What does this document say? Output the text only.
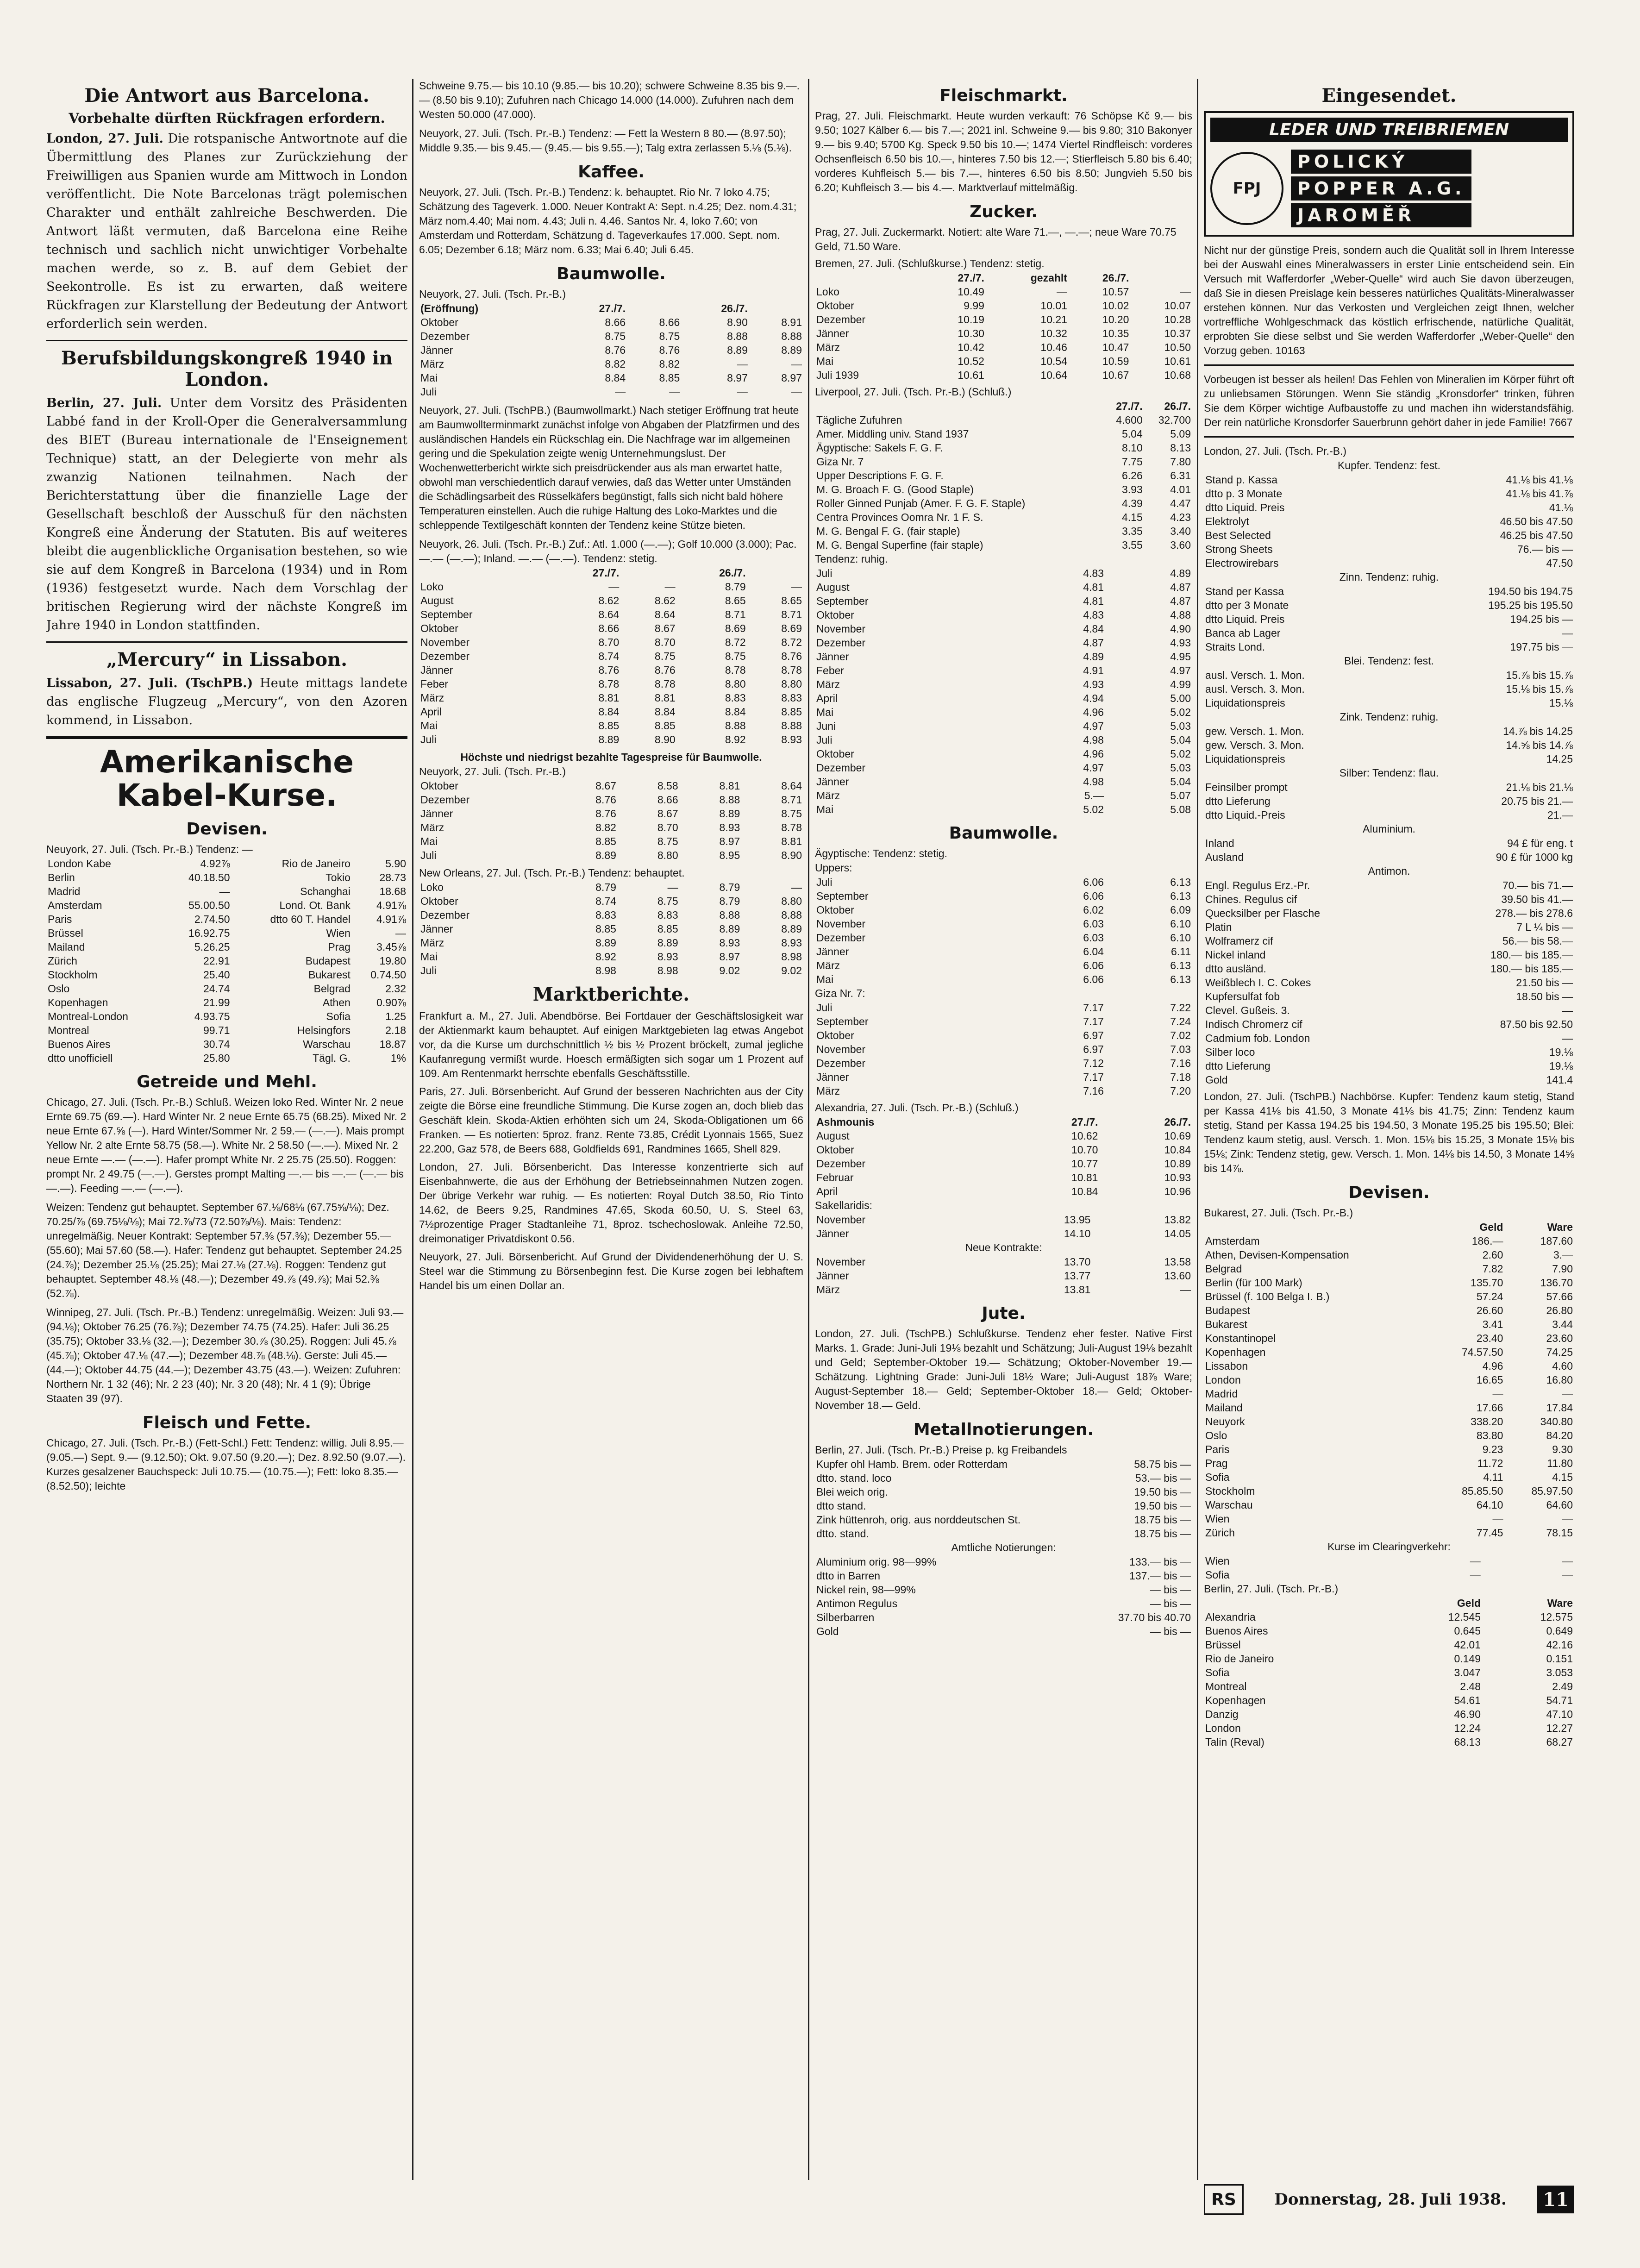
Die Antwort aus Barcelona.
Vorbehalte dürften Rückfragen erfordern.

London, 27. Juli. Die rotspanische Antwortnote auf die Übermittlung des Planes zur Zurückziehung der Freiwilligen aus Spanien wurde am Mittwoch in London veröffentlicht. Die Note Barcelonas trägt polemischen Charakter und enthält zahlreiche Beschwerden. Die Antwort läßt vermuten, daß Barcelona eine Reihe technisch und sachlich nicht unwichtiger Vorbehalte machen werde, so z. B. auf dem Gebiet der Seekontrolle. Es ist zu erwarten, daß weitere Rückfragen zur Klarstellung der Bedeutung der Antwort erforderlich sein werden.

Berufsbildungskongreß 1940 in London.

Berlin, 27. Juli. Unter dem Vorsitz des Präsidenten Labbé fand in der Kroll-Oper die Generalversammlung des BIET (Bureau internationale de l'Enseignement Technique) statt, an der Delegierte von mehr als zwanzig Nationen teilnahmen. Nach der Berichterstattung über die finanzielle Lage der Gesellschaft beschloß der Ausschuß für den nächsten Kongreß eine Änderung der Statuten. Bis auf weiteres bleibt die augenblickliche Organisation bestehen, so wie sie auf dem Kongreß in Barcelona (1934) und in Rom (1936) festgesetzt wurde. Nach dem Vorschlag der britischen Regierung wird der nächste Kongreß im Jahre 1940 in London stattfinden.

„Mercury“ in Lissabon.

Lissabon, 27. Juli. (TschPB.) Heute mittags landete das englische Flugzeug „Mercury“, von den Azoren kommend, in Lissabon.

Amerikanische Kabel-Kurse.
Devisen.
Neuyork, 27. Juli. (Tsch. Pr.-B.) Tendenz: —
London Kabe	4.92⅞	Rio de Janeiro	5.90
Berlin	40.18.50	Tokio	28.73
Madrid	—	Schanghai	18.68
Amsterdam	55.00.50	Lond. Ot. Bank	4.91⅞
Paris	2.74.50	dtto 60 T. Handel	4.91⅞
Brüssel	16.92.75	Wien	—
Mailand	5.26.25	Prag	3.45⅞
Zürich	22.91	Budapest	19.80
Stockholm	25.40	Bukarest	0.74.50
Oslo	24.74	Belgrad	2.32
Kopenhagen	21.99	Athen	0.90⅞
Montreal-London	4.93.75	Sofia	1.25
Montreal	99.71	Helsingfors	2.18
Buenos Aires	30.74	Warschau	18.87
dtto unofficiell	25.80	Tägl. G.	1%
Getreide und Mehl.
Chicago, 27. Juli. (Tsch. Pr.-B.) Schluß. Weizen loko Red. Winter Nr. 2 neue Ernte 69.75 (69.—). Hard Winter Nr. 2 neue Ernte 65.75 (68.25). Mixed Nr. 2 neue Ernte 67.⅝ (—). Hard Winter/Sommer Nr. 2 59.— (—.—). Mais prompt Yellow Nr. 2 alte Ernte 58.75 (58.—). White Nr. 2 58.50 (—.—). Mixed Nr. 2 neue Ernte —.— (—.—). Hafer prompt White Nr. 2 25.75 (25.50). Roggen: prompt Nr. 2 49.75 (—.—). Gerstes prompt Malting —.— bis —.— (—.— bis —.—). Feeding —.— (—.—).
Weizen: Tendenz gut behauptet. September 67.⅛/68⅛ (67.75⅝/⅛); Dez. 70.25/⅞ (69.75⅛/⅛); Mai 72.⅞/73 (72.50⅞/⅛). Mais: Tendenz: unregelmäßig. Neuer Kontrakt: September 57.⅜ (57.⅜); Dezember 55.— (55.60); Mai 57.60 (58.—). Hafer: Tendenz gut behauptet. September 24.25 (24.⅞); Dezember 25.⅛ (25.25); Mai 27.⅛ (27.⅛). Roggen: Tendenz gut behauptet. September 48.⅛ (48.—); Dezember 49.⅞ (49.⅞); Mai 52.⅜ (52.⅞).
Winnipeg, 27. Juli. (Tsch. Pr.-B.) Tendenz: unregelmäßig. Weizen: Juli 93.— (94.⅛); Oktober 76.25 (76.⅞); Dezember 74.75 (74.25). Hafer: Juli 36.25 (35.75); Oktober 33.⅛ (32.—); Dezember 30.⅞ (30.25). Roggen: Juli 45.⅞ (45.⅞); Oktober 47.⅛ (47.—); Dezember 48.⅞ (48.⅛). Gerste: Juli 45.— (44.—); Oktober 44.75 (44.—); Dezember 43.75 (43.—). Weizen: Zufuhren: Northern Nr. 1 32 (46); Nr. 2 23 (40); Nr. 3 20 (48); Nr. 4 1 (9); Übrige Staaten 39 (97).
Fleisch und Fette.
Chicago, 27. Juli. (Tsch. Pr.-B.) (Fett-Schl.) Fett: Tendenz: willig. Juli 8.95.— (9.05.—) Sept. 9.— (9.12.50); Okt. 9.07.50 (9.20.—); Dez. 8.92.50 (9.07.—). Kurzes gesalzener Bauchspeck: Juli 10.75.— (10.75.—); Fett: loko 8.35.— (8.52.50); leichte
Schweine 9.75.— bis 10.10 (9.85.— bis 10.20); schwere Schweine 8.35 bis 9.—.— (8.50 bis 9.10); Zufuhren nach Chicago 14.000 (14.000). Zufuhren nach dem Westen 50.000 (47.000).
Neuyork, 27. Juli. (Tsch. Pr.-B.) Tendenz: — Fett la Western 8 80.— (8.97.50); Middle 9.35.— bis 9.45.— (9.45.— bis 9.55.—); Talg extra zerlassen 5.⅛ (5.⅛).
Kaffee.
Neuyork, 27. Juli. (Tsch. Pr.-B.) Tendenz: k. behauptet. Rio Nr. 7 loko 4.75; Schätzung des Tageverk. 1.000. Neuer Kontrakt A: Sept. n.4.25; Dez. nom.4.31; März nom.4.40; Mai nom. 4.43; Juli n. 4.46. Santos Nr. 4, loko 7.60; von Amsterdam und Rotterdam, Schätzung d. Tageverkaufes 17.000. Sept. nom. 6.05; Dezember 6.18; März nom. 6.33; Mai 6.40; Juli 6.45.
Baumwolle.
Neuyork, 27. Juli. (Tsch. Pr.-B.)
(Eröffnung)	27./7.		26./7.	
Oktober	8.66	8.66	8.90	8.91
Dezember	8.75	8.75	8.88	8.88
Jänner	8.76	8.76	8.89	8.89
März	8.82	8.82	—	—
Mai	8.84	8.85	8.97	8.97
Juli	—	—	—	—
Neuyork, 27. Juli. (TschPB.) (Baumwollmarkt.) Nach stetiger Eröffnung trat heute am Baumwollterminmarkt zunächst infolge von Abgaben der Platzfirmen und des ausländischen Handels ein Rückschlag ein. Die Nachfrage war im allgemeinen gering und die Spekulation zeigte wenig Unternehmungslust. Der Wochenwetterbericht wirkte sich preisdrückender aus als man erwartet hatte, obwohl man verschiedentlich darauf verwies, daß das Wetter unter Umständen die Schädlingsarbeit des Rüsselkäfers begünstigt, falls sich nicht bald höhere Temperaturen einstellen. Auch die ruhige Haltung des Loko-Marktes und die schleppende Textilgeschäft konnten der Tendenz keine Stütze bieten.
Neuyork, 26. Juli. (Tsch. Pr.-B.) Zuf.: Atl. 1.000 (—.—); Golf 10.000 (3.000); Pac. —.— (—.—); Inland. —.— (—.—). Tendenz: stetig.
	27./7.		26./7.	
Loko	—	—	8.79	—
August	8.62	8.62	8.65	8.65
September	8.64	8.64	8.71	8.71
Oktober	8.66	8.67	8.69	8.69
November	8.70	8.70	8.72	8.72
Dezember	8.74	8.75	8.75	8.76
Jänner	8.76	8.76	8.78	8.78
Feber	8.78	8.78	8.80	8.80
März	8.81	8.81	8.83	8.83
April	8.84	8.84	8.84	8.85
Mai	8.85	8.85	8.88	8.88
Juli	8.89	8.90	8.92	8.93
Höchste und niedrigst bezahlte Tagespreise für Baumwolle.
Neuyork, 27. Juli. (Tsch. Pr.-B.)
Oktober	8.67	8.58	8.81	8.64
Dezember	8.76	8.66	8.88	8.71
Jänner	8.76	8.67	8.89	8.75
März	8.82	8.70	8.93	8.78
Mai	8.85	8.75	8.97	8.81
Juli	8.89	8.80	8.95	8.90
New Orleans, 27. Jul. (Tsch. Pr.-B.) Tendenz: behauptet.
Loko	8.79	—	8.79	—
Oktober	8.74	8.75	8.79	8.80
Dezember	8.83	8.83	8.88	8.88
Jänner	8.85	8.85	8.89	8.89
März	8.89	8.89	8.93	8.93
Mai	8.92	8.93	8.97	8.98
Juli	8.98	8.98	9.02	9.02
Marktberichte.
Frankfurt a. M., 27. Juli. Abendbörse. Bei Fortdauer der Geschäftslosigkeit war der Aktienmarkt kaum behauptet. Auf einigen Marktgebieten lag etwas Angebot vor, da die Kurse um durchschnittlich ½ bis ½ Prozent bröckelt, zumal jegliche Kaufanregung vermißt wurde. Hoesch ermäßigten sich sogar um 1 Prozent auf 109. Am Rentenmarkt herrschte ebenfalls Geschäftsstille.
Paris, 27. Juli. Börsenbericht. Auf Grund der besseren Nachrichten aus der City zeigte die Börse eine freundliche Stimmung. Die Kurse zogen an, doch blieb das Geschäft klein. Skoda-Aktien erhöhten sich um 24, Skoda-Obligationen um 66 Franken. — Es notierten: 5proz. franz. Rente 73.85, Crédit Lyonnais 1565, Suez 22.200, Gaz 578, de Beers 688, Goldfields 691, Randmines 1665, Shell 829.
London, 27. Juli. Börsenbericht. Das Interesse konzentrierte sich auf Eisenbahnwerte, die aus der Erhöhung der Betriebseinnahmen Nutzen zogen. Der übrige Verkehr war ruhig. — Es notierten: Royal Dutch 38.50, Rio Tinto 14.62, de Beers 9.25, Randmines 47.65, Skoda 60.50, U. S. Steel 63, 7½prozentige Prager Stadtanleihe 71, 8proz. tschechoslowak. Anleihe 72.50, dreimonatiger Privatdiskont 0.56.
Neuyork, 27. Juli. Börsenbericht. Auf Grund der Dividendenerhöhung der U. S. Steel war die Stimmung zu Börsenbeginn fest. Die Kurse zogen bei lebhaftem Handel bis um einen Dollar an.
Fleischmarkt.
Prag, 27. Juli. Fleischmarkt. Heute wurden verkauft: 76 Schöpse Kč 9.— bis 9.50; 1027 Kälber 6.— bis 7.—; 2021 inl. Schweine 9.— bis 9.80; 310 Bakonyer 9.— bis 9.40; 5700 Kg. Speck 9.50 bis 10.—; 1474 Viertel Rindfleisch: vorderes Ochsenfleisch 6.50 bis 10.—, hinteres 7.50 bis 12.—; Stierfleisch 5.80 bis 6.40; vorderes Kuhfleisch 5.— bis 7.—, hinteres 6.50 bis 8.50; Jungvieh 5.50 bis 6.20; Kuhfleisch 3.— bis 4.—. Marktverlauf mittelmäßig.
Zucker.
Prag, 27. Juli. Zuckermarkt. Notiert: alte Ware 71.—, —.—; neue Ware 70.75 Geld, 71.50 Ware.
Bremen, 27. Juli. (Schlußkurse.) Tendenz: stetig.
	27./7.	gezahlt	26./7.	
Loko	10.49	—	10.57	—
Oktober	9.99	10.01	10.02	10.07
Dezember	10.19	10.21	10.20	10.28
Jänner	10.30	10.32	10.35	10.37
März	10.42	10.46	10.47	10.50
Mai	10.52	10.54	10.59	10.61
Juli 1939	10.61	10.64	10.67	10.68
Liverpool, 27. Juli. (Tsch. Pr.-B.) (Schluß.)
	27./7.	26./7.
Tägliche Zufuhren	4.600	32.700
Amer. Middling univ. Stand 1937	5.04	5.09
Ägyptische: Sakels F. G. F.	8.10	8.13
Giza Nr. 7	7.75	7.80
Upper Descriptions F. G. F.	6.26	6.31
M. G. Broach F. G. (Good Staple)	3.93	4.01
Roller Ginned Punjab (Amer. F. G. F. Staple)	4.39	4.47
Centra Provinces Oomra Nr. 1 F. S.	4.15	4.23
M. G. Bengal F. G. (fair staple)	3.35	3.40
M. G. Bengal Superfine (fair staple)	3.55	3.60
Tendenz: ruhig.
Juli	4.83	4.89
August	4.81	4.87
September	4.81	4.87
Oktober	4.83	4.88
November	4.84	4.90
Dezember	4.87	4.93
Jänner	4.89	4.95
Feber	4.91	4.97
März	4.93	4.99
April	4.94	5.00
Mai	4.96	5.02
Juni	4.97	5.03
Juli	4.98	5.04
Oktober	4.96	5.02
Dezember	4.97	5.03
Jänner	4.98	5.04
März	5.—	5.07
Mai	5.02	5.08
Baumwolle.
Ägyptische: Tendenz: stetig.
Uppers:
Juli	6.06	6.13
September	6.06	6.13
Oktober	6.02	6.09
November	6.03	6.10
Dezember	6.03	6.10
Jänner	6.04	6.11
März	6.06	6.13
Mai	6.06	6.13
Giza Nr. 7:
Juli	7.17	7.22
September	7.17	7.24
Oktober	6.97	7.02
November	6.97	7.03
Dezember	7.12	7.16
Jänner	7.17	7.18
März	7.16	7.20
Alexandria, 27. Juli. (Tsch. Pr.-B.) (Schluß.)
Ashmounis	27./7.	26./7.
August	10.62	10.69
Oktober	10.70	10.84
Dezember	10.77	10.89
Februar	10.81	10.93
April	10.84	10.96
Sakellaridis:
November	13.95	13.82
Jänner	14.10	14.05
Neue Kontrakte:
November	13.70	13.58
Jänner	13.77	13.60
März	13.81	—
Jute.
London, 27. Juli. (TschPB.) Schlußkurse. Tendenz eher fester. Native First Marks. 1. Grade: Juni-Juli 19⅛ bezahlt und Schätzung; Juli-August 19⅛ bezahlt und Geld; September-Oktober 19.— Schätzung; Oktober-November 19.— Schätzung. Lightning Grade: Juni-Juli 18½ Ware; Juli-August 18⅞ Ware; August-September 18.— Geld; September-Oktober 18.— Geld; Oktober-November 18.— Geld.
Metallnotierungen.
Berlin, 27. Juli. (Tsch. Pr.-B.) Preise p. kg Freibandels
Kupfer ohl Hamb. Brem. oder Rotterdam	58.75 bis —
dtto. stand. loco	53.— bis —
Blei weich orig.	19.50 bis —
dtto stand.	19.50 bis —
Zink hüttenroh, orig. aus norddeutschen St.	18.75 bis —
dtto. stand.	18.75 bis —
Amtliche Notierungen:
Aluminium orig. 98—99%	133.— bis —
dtto in Barren	137.— bis —
Nickel rein, 98—99%	— bis —
Antimon Regulus	— bis —
Silberbarren	37.70 bis 40.70
Gold	— bis —
Eingesendet.
LEDER UND TREIBRIEMEN
FPJ
POLICKÝ
POPPER A.G.
JAROMĚŘ
Nicht nur der günstige Preis, sondern auch die Qualität soll in Ihrem Interesse bei der Auswahl eines Mineralwassers in erster Linie entscheidend sein. Ein Versuch mit Wafferdorfer „Weber-Quelle“ wird auch Sie davon überzeugen, daß Sie in diesen Preislage kein besseres natürliches Qualitäts-Mineralwasser erstehen können. Nur das Verkosten und Vergleichen zeigt Ihnen, welcher vortreffliche Wohlgeschmack das köstlich erfrischende, natürliche Qualität, erprobten Sie diese selbst und Sie werden Wafferdorfer „Weber-Quelle“ den Vorzug geben. 10163
Vorbeugen ist besser als heilen! Das Fehlen von Mineralien im Körper führt oft zu unliebsamen Störungen. Wenn Sie ständig „Kronsdorfer“ trinken, führen Sie dem Körper wichtige Aufbaustoffe zu und machen ihn widerstandsfähig. Der rein natürliche Kronsdorfer Sauerbrunn gehört daher in jede Familie! 7667
London, 27. Juli. (Tsch. Pr.-B.)
Kupfer. Tendenz: fest.
Stand p. Kassa	41.⅛ bis 41.⅛
dtto p. 3 Monate	41.⅛ bis 41.⅞
dtto Liquid. Preis	41.⅛
Elektrolyt	46.50 bis 47.50
Best Selected	46.25 bis 47.50
Strong Sheets	76.— bis —
Electrowirebars	47.50
Zinn. Tendenz: ruhig.
Stand per Kassa	194.50 bis 194.75
dtto per 3 Monate	195.25 bis 195.50
dtto Liquid. Preis	194.25 bis —
Banca ab Lager	—
Straits Lond.	197.75 bis —
Blei. Tendenz: fest.
ausl. Versch. 1. Mon.	15.⅞ bis 15.⅞
ausl. Versch. 3. Mon.	15.⅛ bis 15.⅞
Liquidationspreis	15.⅛
Zink. Tendenz: ruhig.
gew. Versch. 1. Mon.	14.⅞ bis 14.25
gew. Versch. 3. Mon.	14.⅝ bis 14.⅞
Liquidationspreis	14.25
Silber: Tendenz: flau.
Feinsilber prompt	21.⅛ bis 21.⅛
dtto Lieferung	20.75 bis 21.—
dtto Liquid.-Preis	21.—
Aluminium.
Inland	94 £ für eng. t
Ausland	90 £ für 1000 kg
Antimon.
Engl. Regulus Erz.-Pr.	70.— bis 71.—
Chines. Regulus cif	39.50 bis 41.—
Quecksilber per Flasche	278.— bis 278.6
Platin	7 L ¼ bis —
Wolframerz cif	56.— bis 58.—
Nickel inland	180.— bis 185.—
dtto ausländ.	180.— bis 185.—
Weißblech I. C. Cokes	21.50 bis —
Kupfersulfat fob	18.50 bis —
Clevel. Gußeis. 3.	—
Indisch Chromerz cif	87.50 bis 92.50
Cadmium fob. London	—
Silber loco	19.⅛
dtto Lieferung	19.⅛
Gold	141.4
London, 27. Juli. (TschPB.) Nachbörse. Kupfer: Tendenz kaum stetig, Stand per Kassa 41⅛ bis 41.50, 3 Monate 41⅛ bis 41.75; Zinn: Tendenz kaum stetig, Stand per Kassa 194.25 bis 194.50, 3 Monate 195.25 bis 195.50; Blei: Tendenz kaum stetig, ausl. Versch. 1. Mon. 15⅛ bis 15.25, 3 Monate 15⅛ bis 15⅛; Zink: Tendenz stetig, gew. Versch. 1. Mon. 14⅛ bis 14.50, 3 Monate 14⅝ bis 14⅞.
Devisen.
Bukarest, 27. Juli. (Tsch. Pr.-B.)
	Geld	Ware
Amsterdam	186.—	187.60
Athen, Devisen-Kompensation	2.60	3.—
Belgrad	7.82	7.90
Berlin (für 100 Mark)	135.70	136.70
Brüssel (f. 100 Belga I. B.)	57.24	57.66
Budapest	26.60	26.80
Bukarest	3.41	3.44
Konstantinopel	23.40	23.60
Kopenhagen	74.57.50	74.25
Lissabon	4.96	4.60
London	16.65	16.80
Madrid	—	—
Mailand	17.66	17.84
Neuyork	338.20	340.80
Oslo	83.80	84.20
Paris	9.23	9.30
Prag	11.72	11.80
Sofia	4.11	4.15
Stockholm	85.85.50	85.97.50
Warschau	64.10	64.60
Wien	—	—
Zürich	77.45	78.15
Kurse im Clearingverkehr:
Wien	—	—
Sofia	—	—
Berlin, 27. Juli. (Tsch. Pr.-B.)
	Geld	Ware
Alexandria	12.545	12.575
Buenos Aires	0.645	0.649
Brüssel	42.01	42.16
Rio de Janeiro	0.149	0.151
Sofia	3.047	3.053
Montreal	2.48	2.49
Kopenhagen	54.61	54.71
Danzig	46.90	47.10
London	12.24	12.27
Talin (Reval)	68.13	68.27
RS	Donnerstag, 28. Juli 1938.	11
